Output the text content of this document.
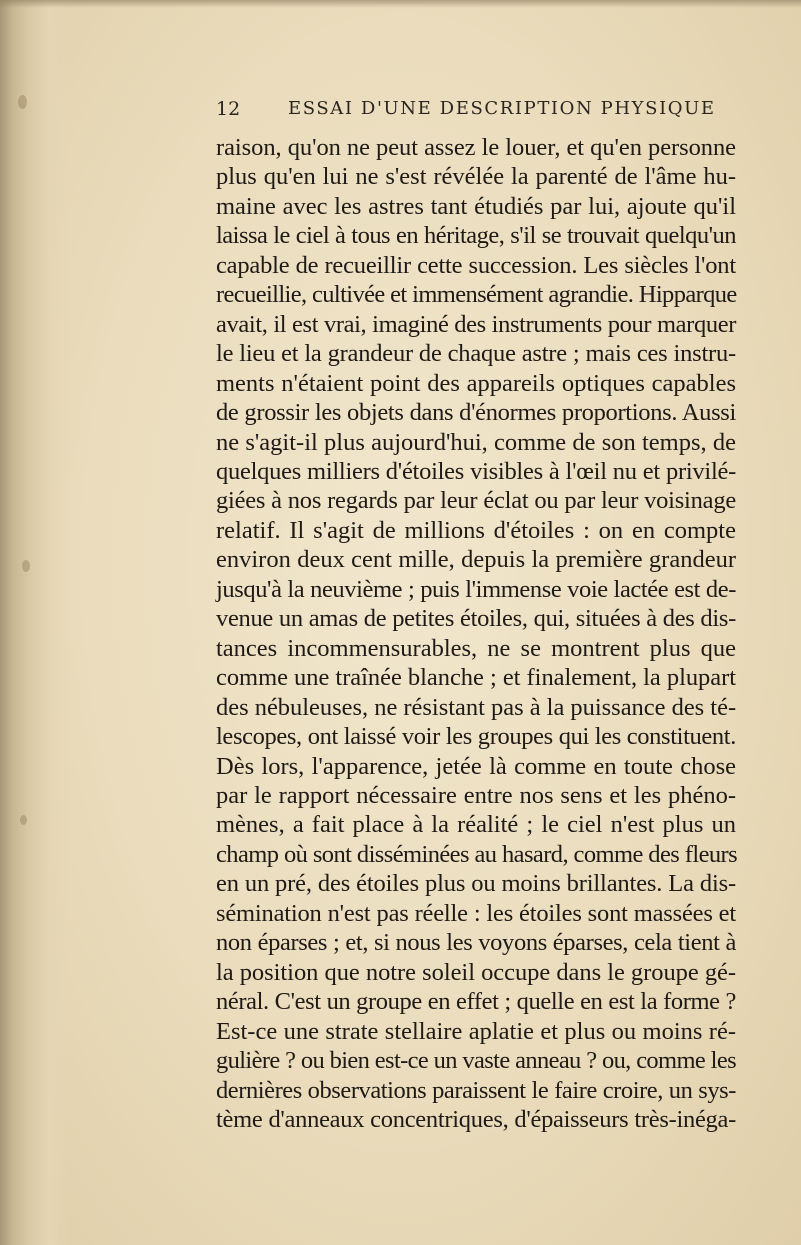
12	ESSAI D'UNE DESCRIPTION PHYSIQUE
raison, qu'on ne peut assez le louer, et qu'en personne
plus qu'en lui ne s'est révélée la parenté de l'âme hu-
maine avec les astres tant étudiés par lui, ajoute qu'il
laissa le ciel à tous en héritage, s'il se trouvait quelqu'un
capable de recueillir cette succession. Les siècles l'ont
recueillie, cultivée et immensément agrandie. Hipparque
avait, il est vrai, imaginé des instruments pour marquer
le lieu et la grandeur de chaque astre ; mais ces instru-
ments n'étaient point des appareils optiques capables
de grossir les objets dans d'énormes proportions. Aussi
ne s'agit-il plus aujourd'hui, comme de son temps, de
quelques milliers d'étoiles visibles à l'œil nu et privilé-
giées à nos regards par leur éclat ou par leur voisinage
relatif. Il s'agit de millions d'étoiles : on en compte
environ deux cent mille, depuis la première grandeur
jusqu'à la neuvième ; puis l'immense voie lactée est de-
venue un amas de petites étoiles, qui, situées à des dis-
tances incommensurables, ne se montrent plus que
comme une traînée blanche ; et finalement, la plupart
des nébuleuses, ne résistant pas à la puissance des té-
lescopes, ont laissé voir les groupes qui les constituent.
Dès lors, l'apparence, jetée là comme en toute chose
par le rapport nécessaire entre nos sens et les phéno-
mènes, a fait place à la réalité ; le ciel n'est plus un
champ où sont disséminées au hasard, comme des fleurs
en un pré, des étoiles plus ou moins brillantes. La dis-
sémination n'est pas réelle : les étoiles sont massées et
non éparses ; et, si nous les voyons éparses, cela tient à
la position que notre soleil occupe dans le groupe gé-
néral. C'est un groupe en effet ; quelle en est la forme ?
Est-ce une strate stellaire aplatie et plus ou moins ré-
gulière ? ou bien est-ce un vaste anneau ? ou, comme les
dernières observations paraissent le faire croire, un sys-
tème d'anneaux concentriques, d'épaisseurs très-inéga-
